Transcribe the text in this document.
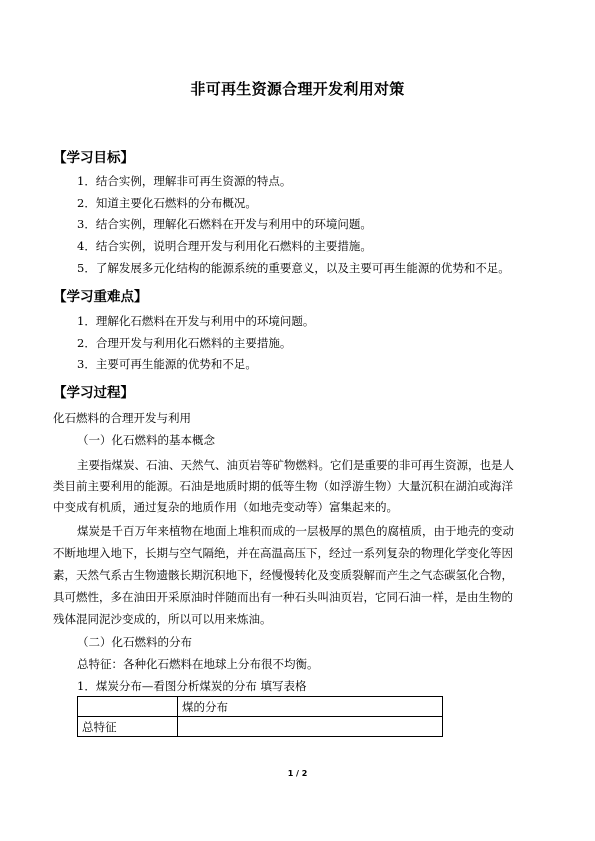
非可再生资源合理开发利用对策
【学习目标】
1．结合实例，理解非可再生资源的特点。
2．知道主要化石燃料的分布概况。
3．结合实例，理解化石燃料在开发与利用中的环境问题。
4．结合实例，说明合理开发与利用化石燃料的主要措施。
5．了解发展多元化结构的能源系统的重要意义，以及主要可再生能源的优势和不足。
【学习重难点】
1．理解化石燃料在开发与利用中的环境问题。
2．合理开发与利用化石燃料的主要措施。
3．主要可再生能源的优势和不足。
【学习过程】
化石燃料的合理开发与利用
（一）化石燃料的基本概念
主要指煤炭、石油、天然气、油页岩等矿物燃料。它们是重要的非可再生资源，也是人
类目前主要利用的能源。石油是地质时期的低等生物（如浮游生物）大量沉积在湖泊或海洋
中变成有机质，通过复杂的地质作用（如地壳变动等）富集起来的。
煤炭是千百万年来植物在地面上堆积而成的一层极厚的黑色的腐植质，由于地壳的变动
不断地埋入地下，长期与空气隔绝，并在高温高压下，经过一系列复杂的物理化学变化等因
素，天然气系古生物遗骸长期沉积地下，经慢慢转化及变质裂解而产生之气态碳氢化合物，
具可燃性，多在油田开采原油时伴随而出有一种石头叫油页岩，它同石油一样，是由生物的
残体混同泥沙变成的，所以可以用来炼油。
（二）化石燃料的分布
总特征：各种化石燃料在地球上分布很不均衡。
1．煤炭分布—看图分析煤炭的分布 填写表格
	煤的分布
总特征	
1 / 2
